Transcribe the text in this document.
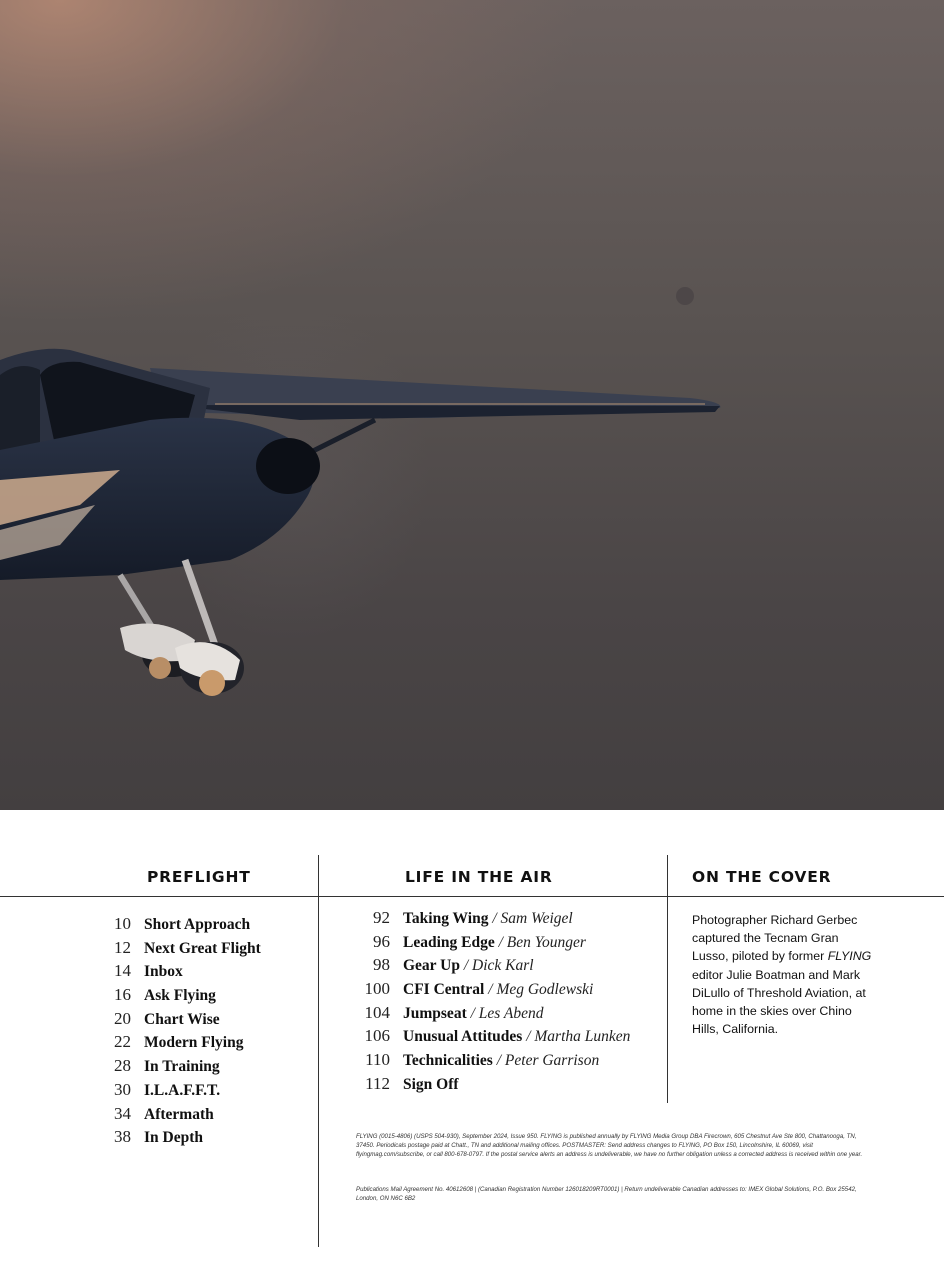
PREFLIGHT	LIFE IN THE AIR	ON THE COVER
10 Short Approach
12 Next Great Flight
14 Inbox
16 Ask Flying
20 Chart Wise
22 Modern Flying
28 In Training
30 I.L.A.F.F.T.
34 Aftermath
38 In Depth
92 Taking Wing / Sam Weigel
96 Leading Edge / Ben Younger
98 Gear Up / Dick Karl
100 CFI Central / Meg Godlewski
104 Jumpseat / Les Abend
106 Unusual Attitudes / Martha Lunken
110 Technicalities / Peter Garrison
112 Sign Off
Photographer Richard Gerbec captured the Tecnam Gran Lusso, piloted by former FLYING editor Julie Boatman and Mark DiLullo of Threshold Aviation, at home in the skies over Chino Hills, California.
FLYING (0015-4806) (USPS 504-930), September 2024, Issue 950. FLYING is published annually by FLYING Media Group DBA Firecrown, 605 Chestnut Ave Ste 800, Chattanooga, TN, 37450. Periodicals postage paid at Chatt., TN and additional mailing offices. POSTMASTER: Send address changes to FLYING, PO Box 150, Lincolnshire, IL 60069, visit flyingmag.com/subscribe, or call 800-678-0797. If the postal service alerts an address is undeliverable, we have no further obligation unless a corrected address is received within one year.
Publications Mail Agreement No. 40612608 | (Canadian Registration Number 126018209RT0001) | Return undeliverable Canadian addresses to: IMEX Global Solutions, P.O. Box 25542, London, ON N6C 6B2
